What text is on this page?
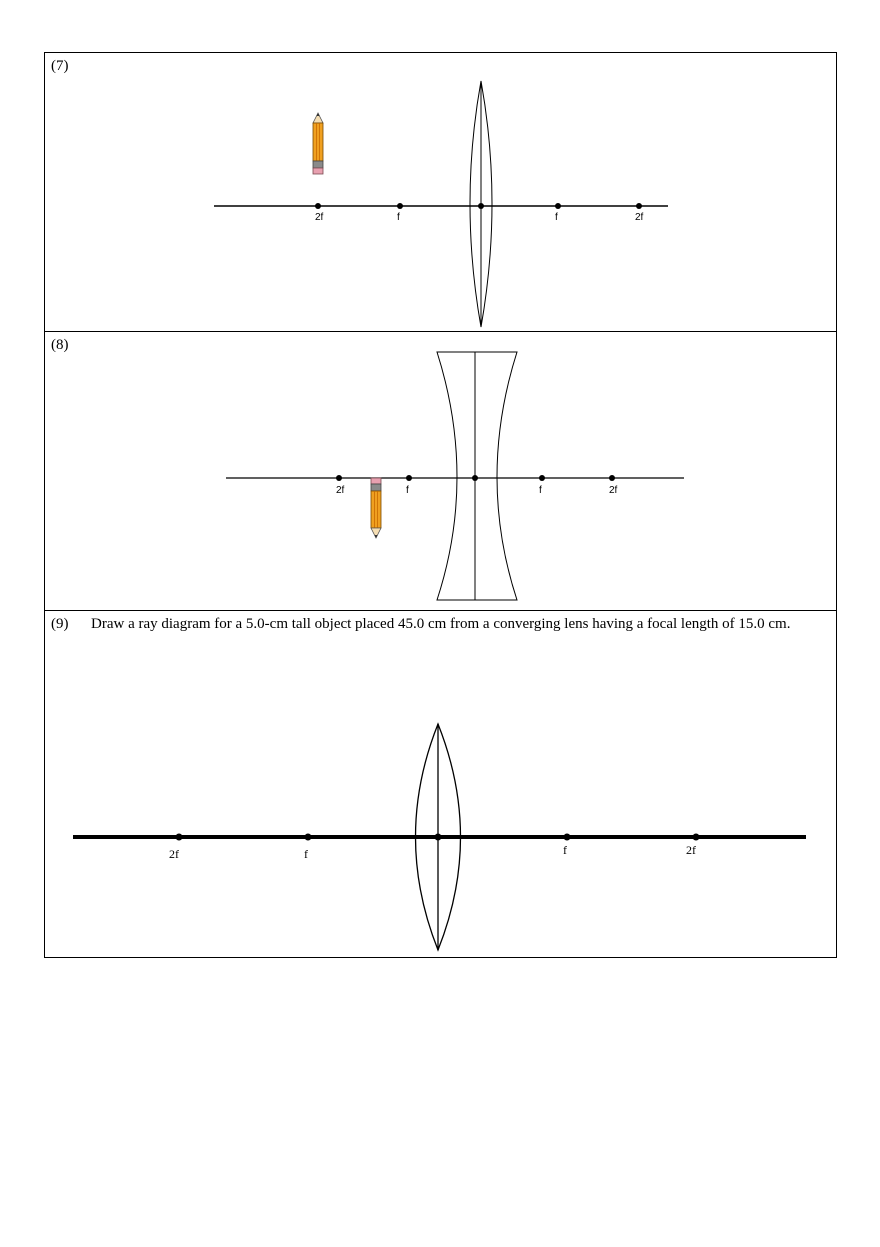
(7)
2f	f	f	2f
(8)
2f	f	f	2f
(9) Draw a ray diagram for a 5.0-cm tall object placed 45.0 cm from a converging lens having a focal length of 15.0 cm.
2f	f	f	2f
